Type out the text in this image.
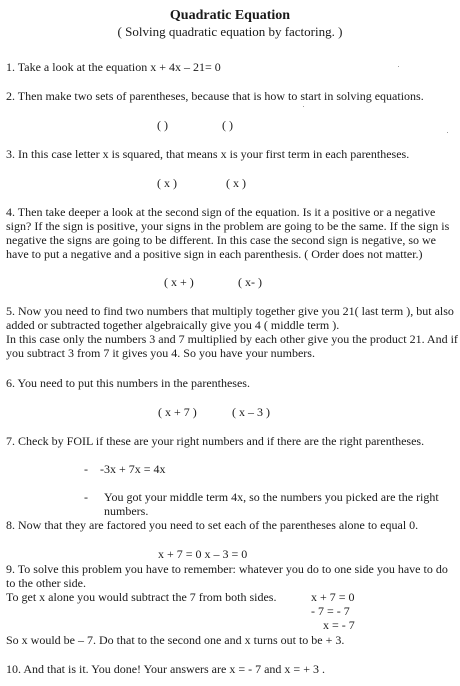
Quadratic Equation
( Solving quadratic equation by factoring. )
1. Take a look at the equation x + 4x – 21= 0
2. Then make two sets of parentheses, because that is how to start in solving equations.
( )	( )
3. In this case letter x is squared, that means x is your first term in each parentheses.
( x )	( x )
4. Then take deeper a look at the second sign of the equation. Is it a positive or a negative sign? If the sign is positive, your signs in the problem are going to be the same. If the sign is negative the signs are going to be different. In this case the second sign is negative, so we have to put a negative and a positive sign in each parenthesis. ( Order does not matter.)
( x + )	( x- )
5. Now you need to find two numbers that multiply together give you 21( last term ), but also added or subtracted together algebraically give you 4 ( middle term ).
In this case only the numbers 3 and 7 multiplied by each other give you the product 21. And if you subtract 3 from 7 it gives you 4. So you have your numbers.
6. You need to put this numbers in the parentheses.
( x + 7 )	( x – 3 )
7. Check by FOIL if these are your right numbers and if there are the right parentheses.
- -3x + 7x = 4x
- You got your middle term 4x, so the numbers you picked are the right numbers.
8. Now that they are factored you need to set each of the parentheses alone to equal 0.
x + 7 = 0 x – 3 = 0
9. To solve this problem you have to remember: whatever you do to one side you have to do to the other side.
To get x alone you would subtract the 7 from both sides.	x + 7 = 0
- 7 = - 7
x = - 7
So x would be – 7. Do that to the second one and x turns out to be + 3.
10. And that is it. You done! Your answers are x = - 7 and x = + 3 .
